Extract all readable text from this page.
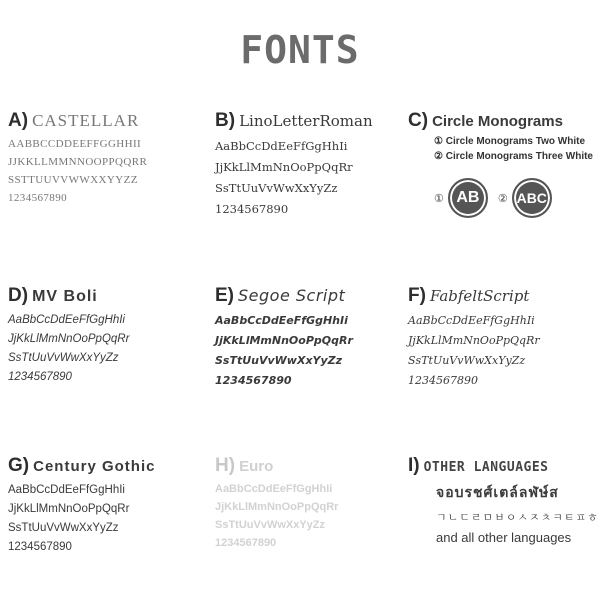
FONTS
A) CASTELLAR
AABBCCDDEEFFGGHHII
JJKKLLMMNNOOPPQQRR
SSTTUUVVWWXXYYZZ
1234567890
B) LinoLetterRoman
AaBbCcDdEeFfGgHhIi
JjKkLlMmNnOoPpQqRr
SsTtUuVvWwXxYyZz
1234567890
C) Circle Monograms
① Circle Monograms Two White
② Circle Monograms Three White
① AB	② ABC
D) MV Boli
AaBbCcDdEeFfGgHhIi
JjKkLlMmNnOoPpQqRr
SsTtUuVvWwXxYyZz
1234567890
E) Segoe Script
AaBbCcDdEeFfGgHhIi
JjKkLlMmNnOoPpQqRr
SsTtUuVvWwXxYyZz
1234567890
F) FabfeltScript
AaBbCcDdEeFfGgHhIi
JjKkLlMmNnOoPpQqRr
SsTtUuVvWwXxYyZz
1234567890
G) Century Gothic
AaBbCcDdEeFfGgHhIi
JjKkLlMmNnOoPpQqRr
SsTtUuVvWwXxYyZz
1234567890
H) Euro
AaBbCcDdEeFfGgHhIi
JjKkLlMmNnOoPpQqRr
SsTtUuVvWwXxYyZz
1234567890
I) OTHER LANGUAGES
จอบรชศ์เตล์ลฬ่ษ์ส
ㄱㄴㄷㄹㅁㅂㅇㅅㅈㅊㅋㅌㅍㅎ
and all other languages
